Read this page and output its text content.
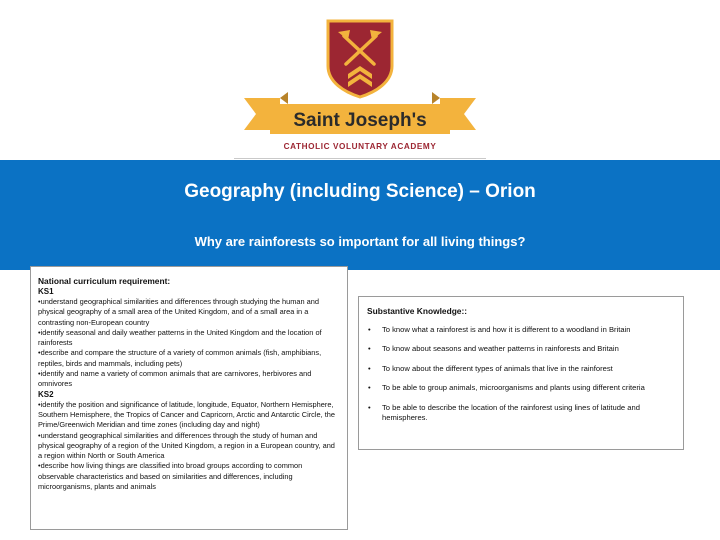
Saint Joseph's
CATHOLIC VOLUNTARY ACADEMY
Geography (including Science) – Orion
Why are rainforests so important for all living things?
National curriculum requirement:
KS1

•understand geographical similarities and differences through studying the human and physical geography of a small area of the United Kingdom, and of a small area in a contrasting non-European country

•identify seasonal and daily weather patterns in the United Kingdom and the location of rainforests

•describe and compare the structure of a variety of common animals (fish, amphibians, reptiles, birds and mammals, including pets)

•identify and name a variety of common animals that are carnivores, herbivores and omnivores

KS2

•identify the position and significance of latitude, longitude, Equator, Northern Hemisphere, Southern Hemisphere, the Tropics of Cancer and Capricorn, Arctic and Antarctic Circle, the Prime/Greenwich Meridian and time zones (including day and night)

•understand geographical similarities and differences through the study of human and physical geography of a region of the United Kingdom, a region in a European country, and a region within North or South America

•describe how living things are classified into broad groups according to common observable characteristics and based on similarities and differences, including microorganisms, plants and animals

Substantive Knowledge::
• To know what a rainforest is and how it is different to a woodland in Britain
• To know about seasons and weather patterns in rainforests and Britain
• To know about the different types of animals that live in the rainforest
• To be able to group animals, microorganisms and plants using different criteria
• To be able to describe the location of the rainforest using lines of latitude and hemispheres.
